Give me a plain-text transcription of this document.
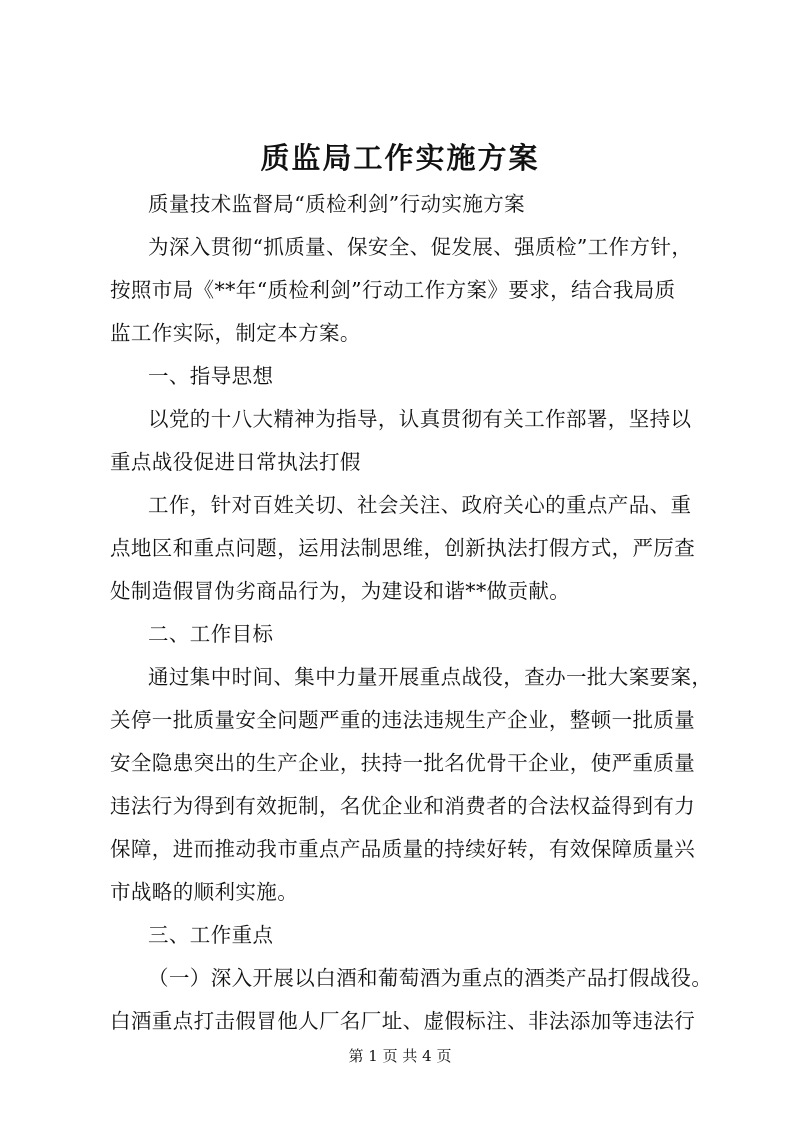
质监局工作实施方案
质量技术监督局“质检利剑”行动实施方案
为深入贯彻“抓质量、保安全、促发展、强质检”工作方针，
按照市局《**年“质检利剑”行动工作方案》要求，结合我局质
监工作实际，制定本方案。
一、指导思想
以党的十八大精神为指导，认真贯彻有关工作部署，坚持以
重点战役促进日常执法打假
工作，针对百姓关切、社会关注、政府关心的重点产品、重
点地区和重点问题，运用法制思维，创新执法打假方式，严厉查
处制造假冒伪劣商品行为，为建设和谐**做贡献。
二、工作目标
通过集中时间、集中力量开展重点战役，查办一批大案要案，
关停一批质量安全问题严重的违法违规生产企业，整顿一批质量
安全隐患突出的生产企业，扶持一批名优骨干企业，使严重质量
违法行为得到有效扼制，名优企业和消费者的合法权益得到有力
保障，进而推动我市重点产品质量的持续好转，有效保障质量兴
市战略的顺利实施。
三、工作重点
（一）深入开展以白酒和葡萄酒为重点的酒类产品打假战役。
白酒重点打击假冒他人厂名厂址、虚假标注、非法添加等违法行
第 1 页 共 4 页
